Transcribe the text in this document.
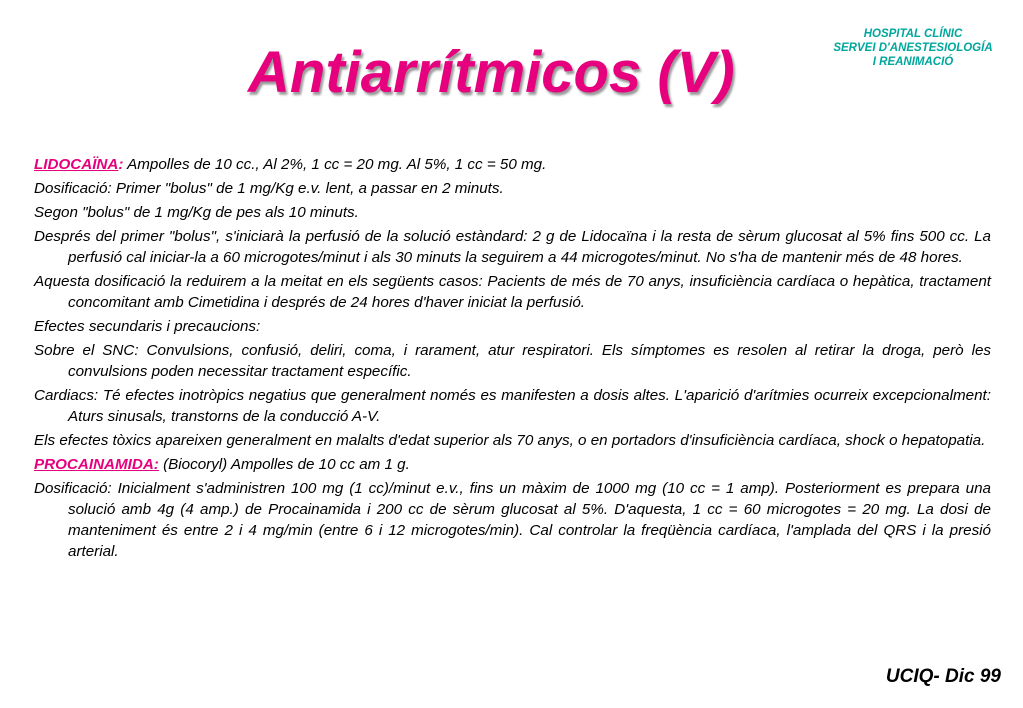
Antiarrítmicos (V)
HOSPITAL CLÍNIC
SERVEI D'ANESTESIOLOGÍA
I REANIMACIÓ

LIDOCAÏNA: Ampolles de 10 cc., Al 2%, 1 cc = 20 mg. Al 5%, 1 cc = 50 mg.

Dosificació: Primer "bolus" de 1 mg/Kg e.v. lent, a passar en 2 minuts.

Segon "bolus" de 1 mg/Kg de pes als 10 minuts.

Després del primer "bolus", s'iniciarà la perfusió de la solució estàndard: 2 g de Lidocaïna i la resta de sèrum glucosat al 5% fins 500 cc. La perfusió cal iniciar-la a 60 microgotes/minut i als 30 minuts la seguirem a 44 microgotes/minut. No s'ha de mantenir més de 48 hores.

Aquesta dosificació la reduirem a la meitat en els següents casos: Pacients de més de 70 anys, insuficiència cardíaca o hepàtica, tractament concomitant amb Cimetidina i després de 24 hores d'haver iniciat la perfusió.

Efectes secundaris i precaucions:

Sobre el SNC: Convulsions, confusió, deliri, coma, i rarament, atur respiratori. Els símptomes es resolen al retirar la droga, però les convulsions poden necessitar tractament específic.

Cardiacs: Té efectes inotròpics negatius que generalment només es manifesten a dosis altes. L'aparició d'arítmies ocurreix excepcionalment: Aturs sinusals, transtorns de la conducció A-V.

Els efectes tòxics apareixen generalment en malalts d'edat superior als 70 anys, o en portadors d'insuficiència cardíaca, shock o hepatopatia.

PROCAINAMIDA: (Biocoryl) Ampolles de 10 cc am 1 g.

Dosificació: Inicialment s'administren 100 mg (1 cc)/minut e.v., fins un màxim de 1000 mg (10 cc = 1 amp). Posteriorment es prepara una solució amb 4g (4 amp.) de Procainamida i 200 cc de sèrum glucosat al 5%. D'aquesta, 1 cc = 60 microgotes = 20 mg. La dosi de manteniment és entre 2 i 4 mg/min (entre 6 i 12 microgotes/min). Cal controlar la freqüència cardíaca, l'amplada del QRS i la presió arterial.

UCIQ- Dic 99
